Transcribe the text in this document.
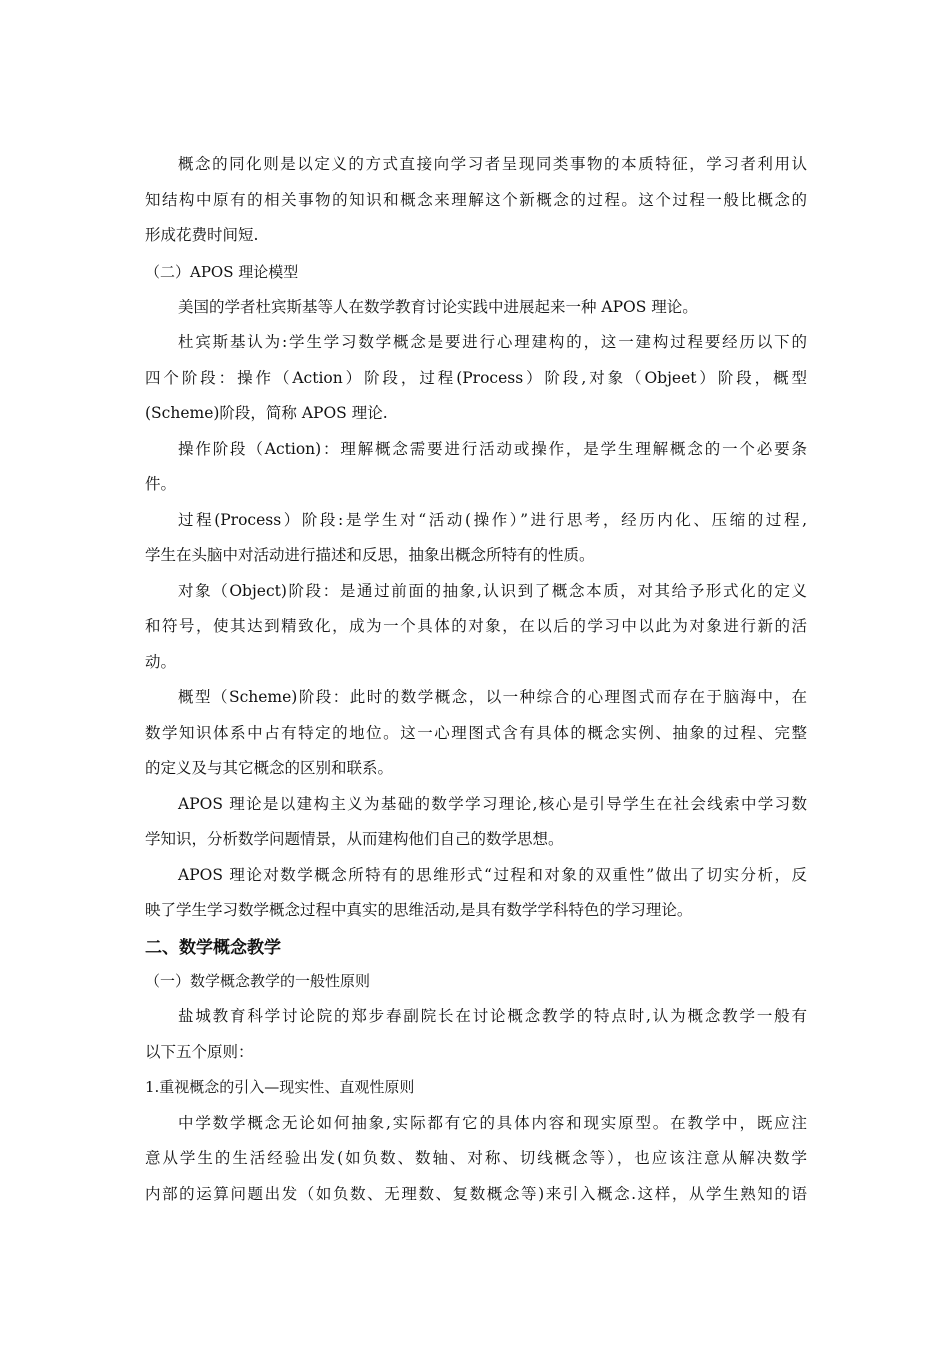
概念的同化则是以定义的方式直接向学习者呈现同类事物的本质特征，学习者利用认
知结构中原有的相关事物的知识和概念来理解这个新概念的过程。这个过程一般比概念的
形成花费时间短.
（二）APOS 理论模型
美国的学者杜宾斯基等人在数学教育讨论实践中进展起来一种 APOS 理论。
杜宾斯基认为:学生学习数学概念是要进行心理建构的，这一建构过程要经历以下的
四个阶段：操作（Action）阶段，过程(Process）阶段,对象（Objeet）阶段，概型
(Scheme)阶段，简称 APOS 理论.
操作阶段（Action)：理解概念需要进行活动或操作，是学生理解概念的一个必要条
件。
过程(Process）阶段:是学生对“活动(操作）”进行思考，经历内化、压缩的过程,
学生在头脑中对活动进行描述和反思，抽象出概念所特有的性质。
对象（Object)阶段：是通过前面的抽象,认识到了概念本质，对其给予形式化的定义
和符号，使其达到精致化，成为一个具体的对象，在以后的学习中以此为对象进行新的活
动。
概型（Scheme)阶段：此时的数学概念，以一种综合的心理图式而存在于脑海中，在
数学知识体系中占有特定的地位。这一心理图式含有具体的概念实例、抽象的过程、完整
的定义及与其它概念的区别和联系。
APOS 理论是以建构主义为基础的数学学习理论,核心是引导学生在社会线索中学习数
学知识，分析数学问题情景，从而建构他们自己的数学思想。
APOS 理论对数学概念所特有的思维形式“过程和对象的双重性”做出了切实分析，反
映了学生学习数学概念过程中真实的思维活动,是具有数学学科特色的学习理论。
二、数学概念教学
（一）数学概念教学的一般性原则
盐城教育科学讨论院的郑步春副院长在讨论概念教学的特点时,认为概念教学一般有
以下五个原则：
1.重视概念的引入—现实性、直观性原则
中学数学概念无论如何抽象,实际都有它的具体内容和现实原型。在教学中，既应注
意从学生的生活经验出发(如负数、数轴、对称、切线概念等），也应该注意从解决数学
内部的运算问题出发（如负数、无理数、复数概念等)来引入概念.这样，从学生熟知的语
